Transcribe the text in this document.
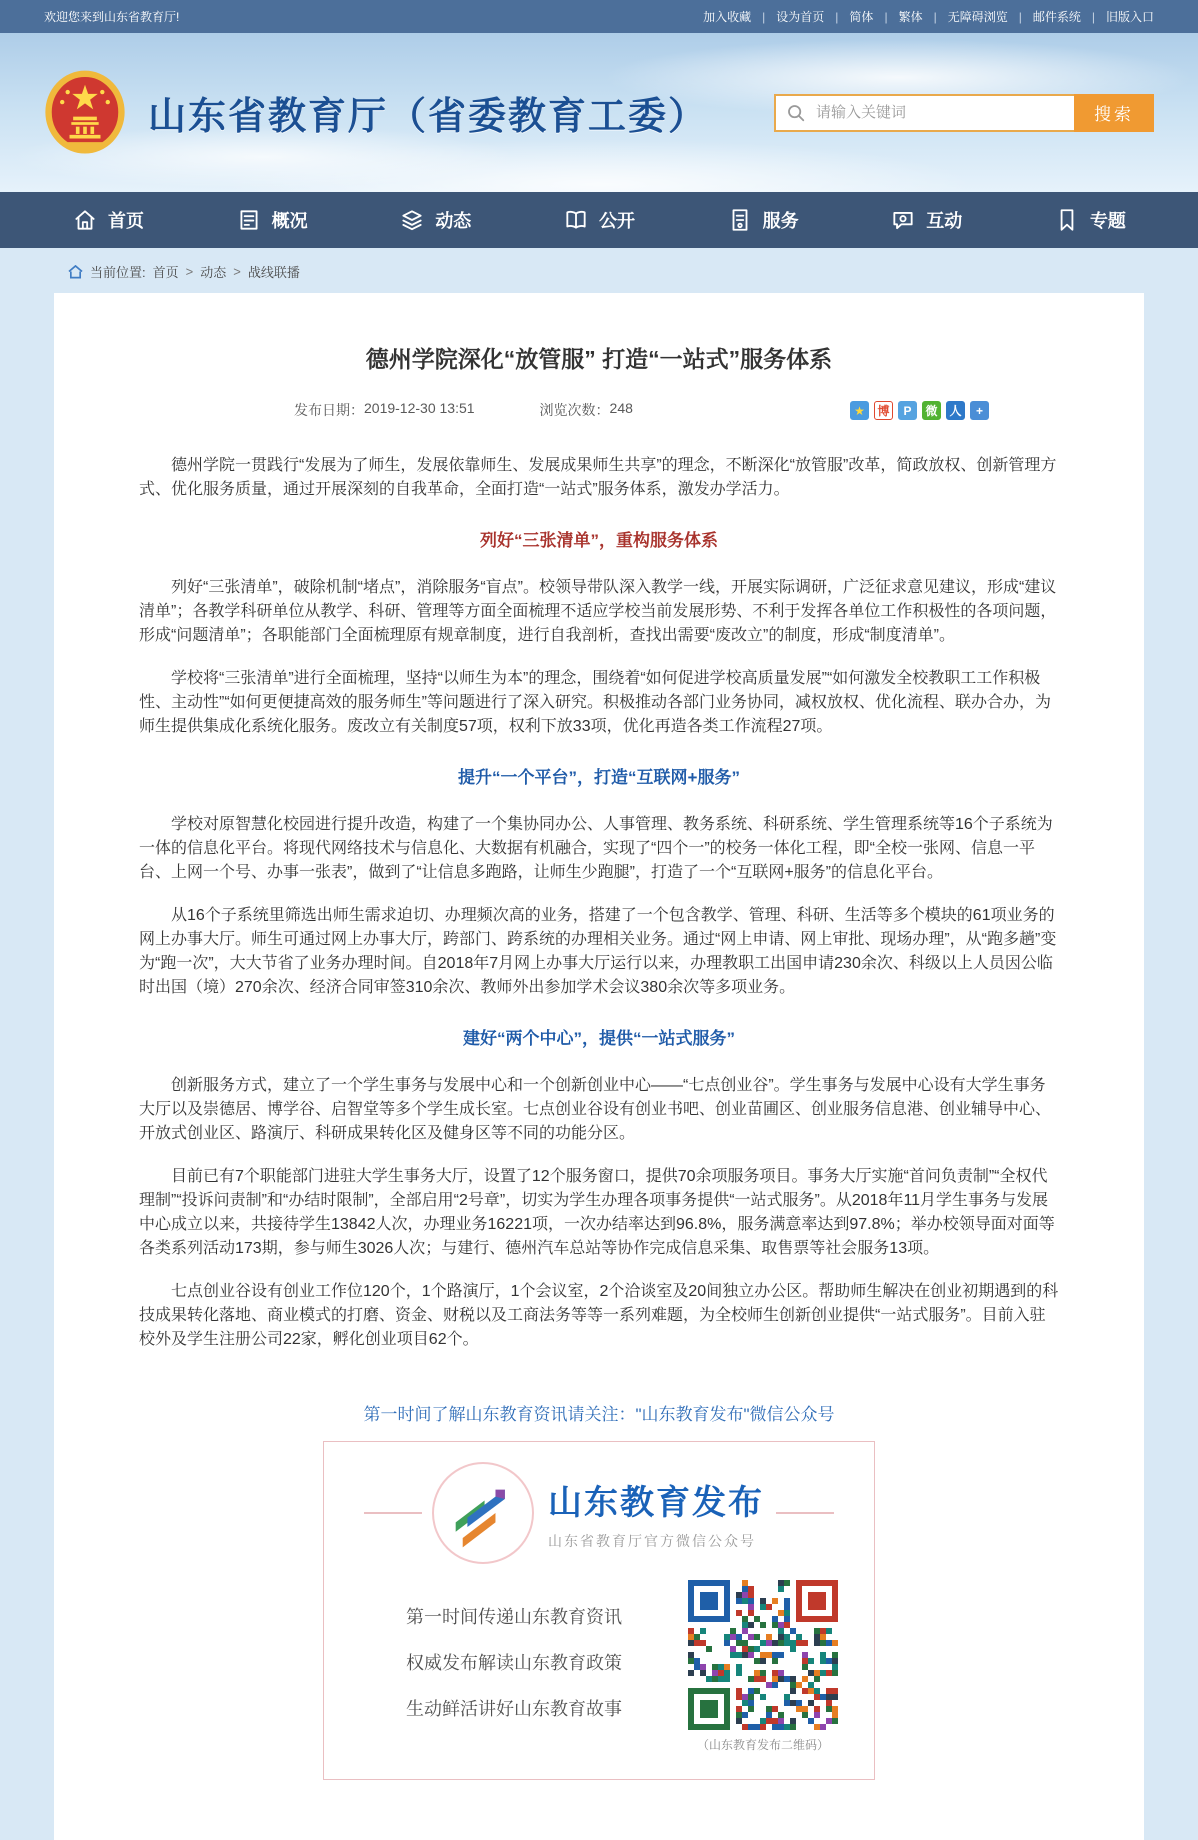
欢迎您来到山东省教育厅!	加入收藏 |	设为首页 |	简体 |	繁体 |	无障碍浏览 |	邮件系统 |	旧版入口
山东省教育厅（省委教育工委）
请输入关键词	搜索
首页	概况	动态	公开	服务	互动	专题
当前位置: 首页 > 动态 > 战线联播
德州学院深化“放管服” 打造“一站式”服务体系
发布日期： 2019-12-30 13:51	浏览次数： 248	★	博	P	微 人	+

德州学院一贯践行“发展为了师生，发展依靠师生、发展成果师生共享”的理念，不断深化“放管服”改革，简政放权、创新管理方式、优化服务质量，通过开展深刻的自我革命，全面打造“一站式”服务体系，激发办学活力。

列好“三张清单”，重构服务体系

列好“三张清单”，破除机制“堵点”，消除服务“盲点”。校领导带队深入教学一线，开展实际调研，广泛征求意见建议，形成“建议清单”；各教学科研单位从教学、科研、管理等方面全面梳理不适应学校当前发展形势、不利于发挥各单位工作积极性的各项问题，形成“问题清单”；各职能部门全面梳理原有规章制度，进行自我剖析，查找出需要“废改立”的制度，形成“制度清单”。

学校将“三张清单”进行全面梳理，坚持“以师生为本”的理念，围绕着“如何促进学校高质量发展”“如何激发全校教职工工作积极性、主动性”“如何更便捷高效的服务师生”等问题进行了深入研究。积极推动各部门业务协同，减权放权、优化流程、联办合办，为师生提供集成化系统化服务。废改立有关制度57项，权利下放33项，优化再造各类工作流程27项。

提升“一个平台”，打造“互联网+服务”

学校对原智慧化校园进行提升改造，构建了一个集协同办公、人事管理、教务系统、科研系统、学生管理系统等16个子系统为一体的信息化平台。将现代网络技术与信息化、大数据有机融合，实现了“四个一”的校务一体化工程，即“全校一张网、信息一平台、上网一个号、办事一张表”，做到了“让信息多跑路，让师生少跑腿”，打造了一个“互联网+服务”的信息化平台。

从16个子系统里筛选出师生需求迫切、办理频次高的业务，搭建了一个包含教学、管理、科研、生活等多个模块的61项业务的网上办事大厅。师生可通过网上办事大厅，跨部门、跨系统的办理相关业务。通过“网上申请、网上审批、现场办理”，从“跑多趟”变为“跑一次”，大大节省了业务办理时间。自2018年7月网上办事大厅运行以来，办理教职工出国申请230余次、科级以上人员因公临时出国（境）270余次、经济合同审签310余次、教师外出参加学术会议380余次等多项业务。

建好“两个中心”，提供“一站式服务”

创新服务方式，建立了一个学生事务与发展中心和一个创新创业中心——“七点创业谷”。学生事务与发展中心设有大学生事务大厅以及崇德居、博学谷、启智堂等多个学生成长室。七点创业谷设有创业书吧、创业苗圃区、创业服务信息港、创业辅导中心、开放式创业区、路演厅、科研成果转化区及健身区等不同的功能分区。

目前已有7个职能部门进驻大学生事务大厅，设置了12个服务窗口，提供70余项服务项目。事务大厅实施“首问负责制”“全权代理制”“投诉问责制”和“办结时限制”，全部启用“2号章”，切实为学生办理各项事务提供“一站式服务”。从2018年11月学生事务与发展中心成立以来，共接待学生13842人次，办理业务16221项，一次办结率达到96.8%，服务满意率达到97.8%；举办校领导面对面等各类系列活动173期，参与师生3026人次；与建行、德州汽车总站等协作完成信息采集、取售票等社会服务13项。

七点创业谷设有创业工作位120个，1个路演厅，1个会议室，2个洽谈室及20间独立办公区。帮助师生解决在创业初期遇到的科技成果转化落地、商业模式的打磨、资金、财税以及工商法务等等一系列难题，为全校师生创新创业提供“一站式服务”。目前入驻校外及学生注册公司22家，孵化创业项目62个。

第一时间了解山东教育资讯请关注："山东教育发布"微信公众号
山东教育发布
山东省教育厅官方微信公众号
第一时间传递山东教育资讯
权威发布解读山东教育政策
生动鲜活讲好山东教育故事
（山东教育发布二维码）
